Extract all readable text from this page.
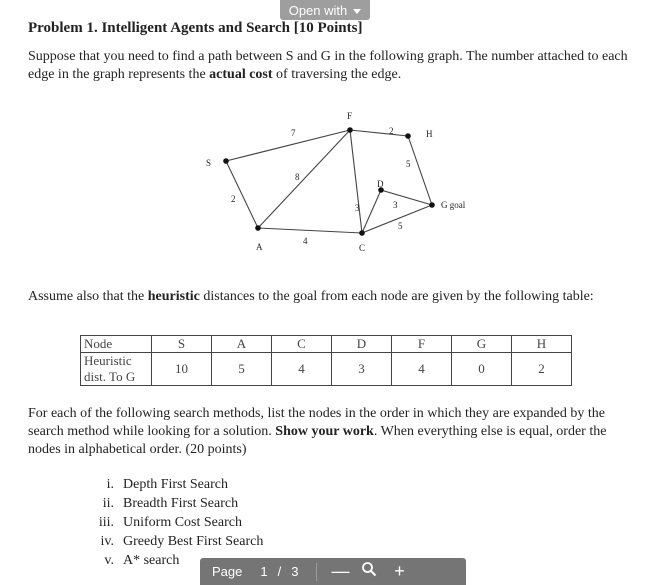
Open with
Problem 1. Intelligent Agents and Search [10 Points]
Suppose that you need to find a path between S and G in the following graph. The number attached to each edge in the graph represents the actual cost of traversing the edge.
S
A
F
D
C
H
G goal
2
7
8
4
3
2
5
3
5
Assume also that the heuristic distances to the goal from each node are given by the following table:
Node	S	A	C	D	F	G	H
Heuristic dist. To G	10	5	4	3	4	0	2
For each of the following search methods, list the nodes in the order in which they are expanded by the search method while looking for a solution. Show your work. When everything else is equal, order the nodes in alphabetical order. (20 points)
i. Depth First Search
ii. Breadth First Search
iii. Uniform Cost Search
iv. Greedy Best First Search
v. A* search
Page 1 / 3 — +
